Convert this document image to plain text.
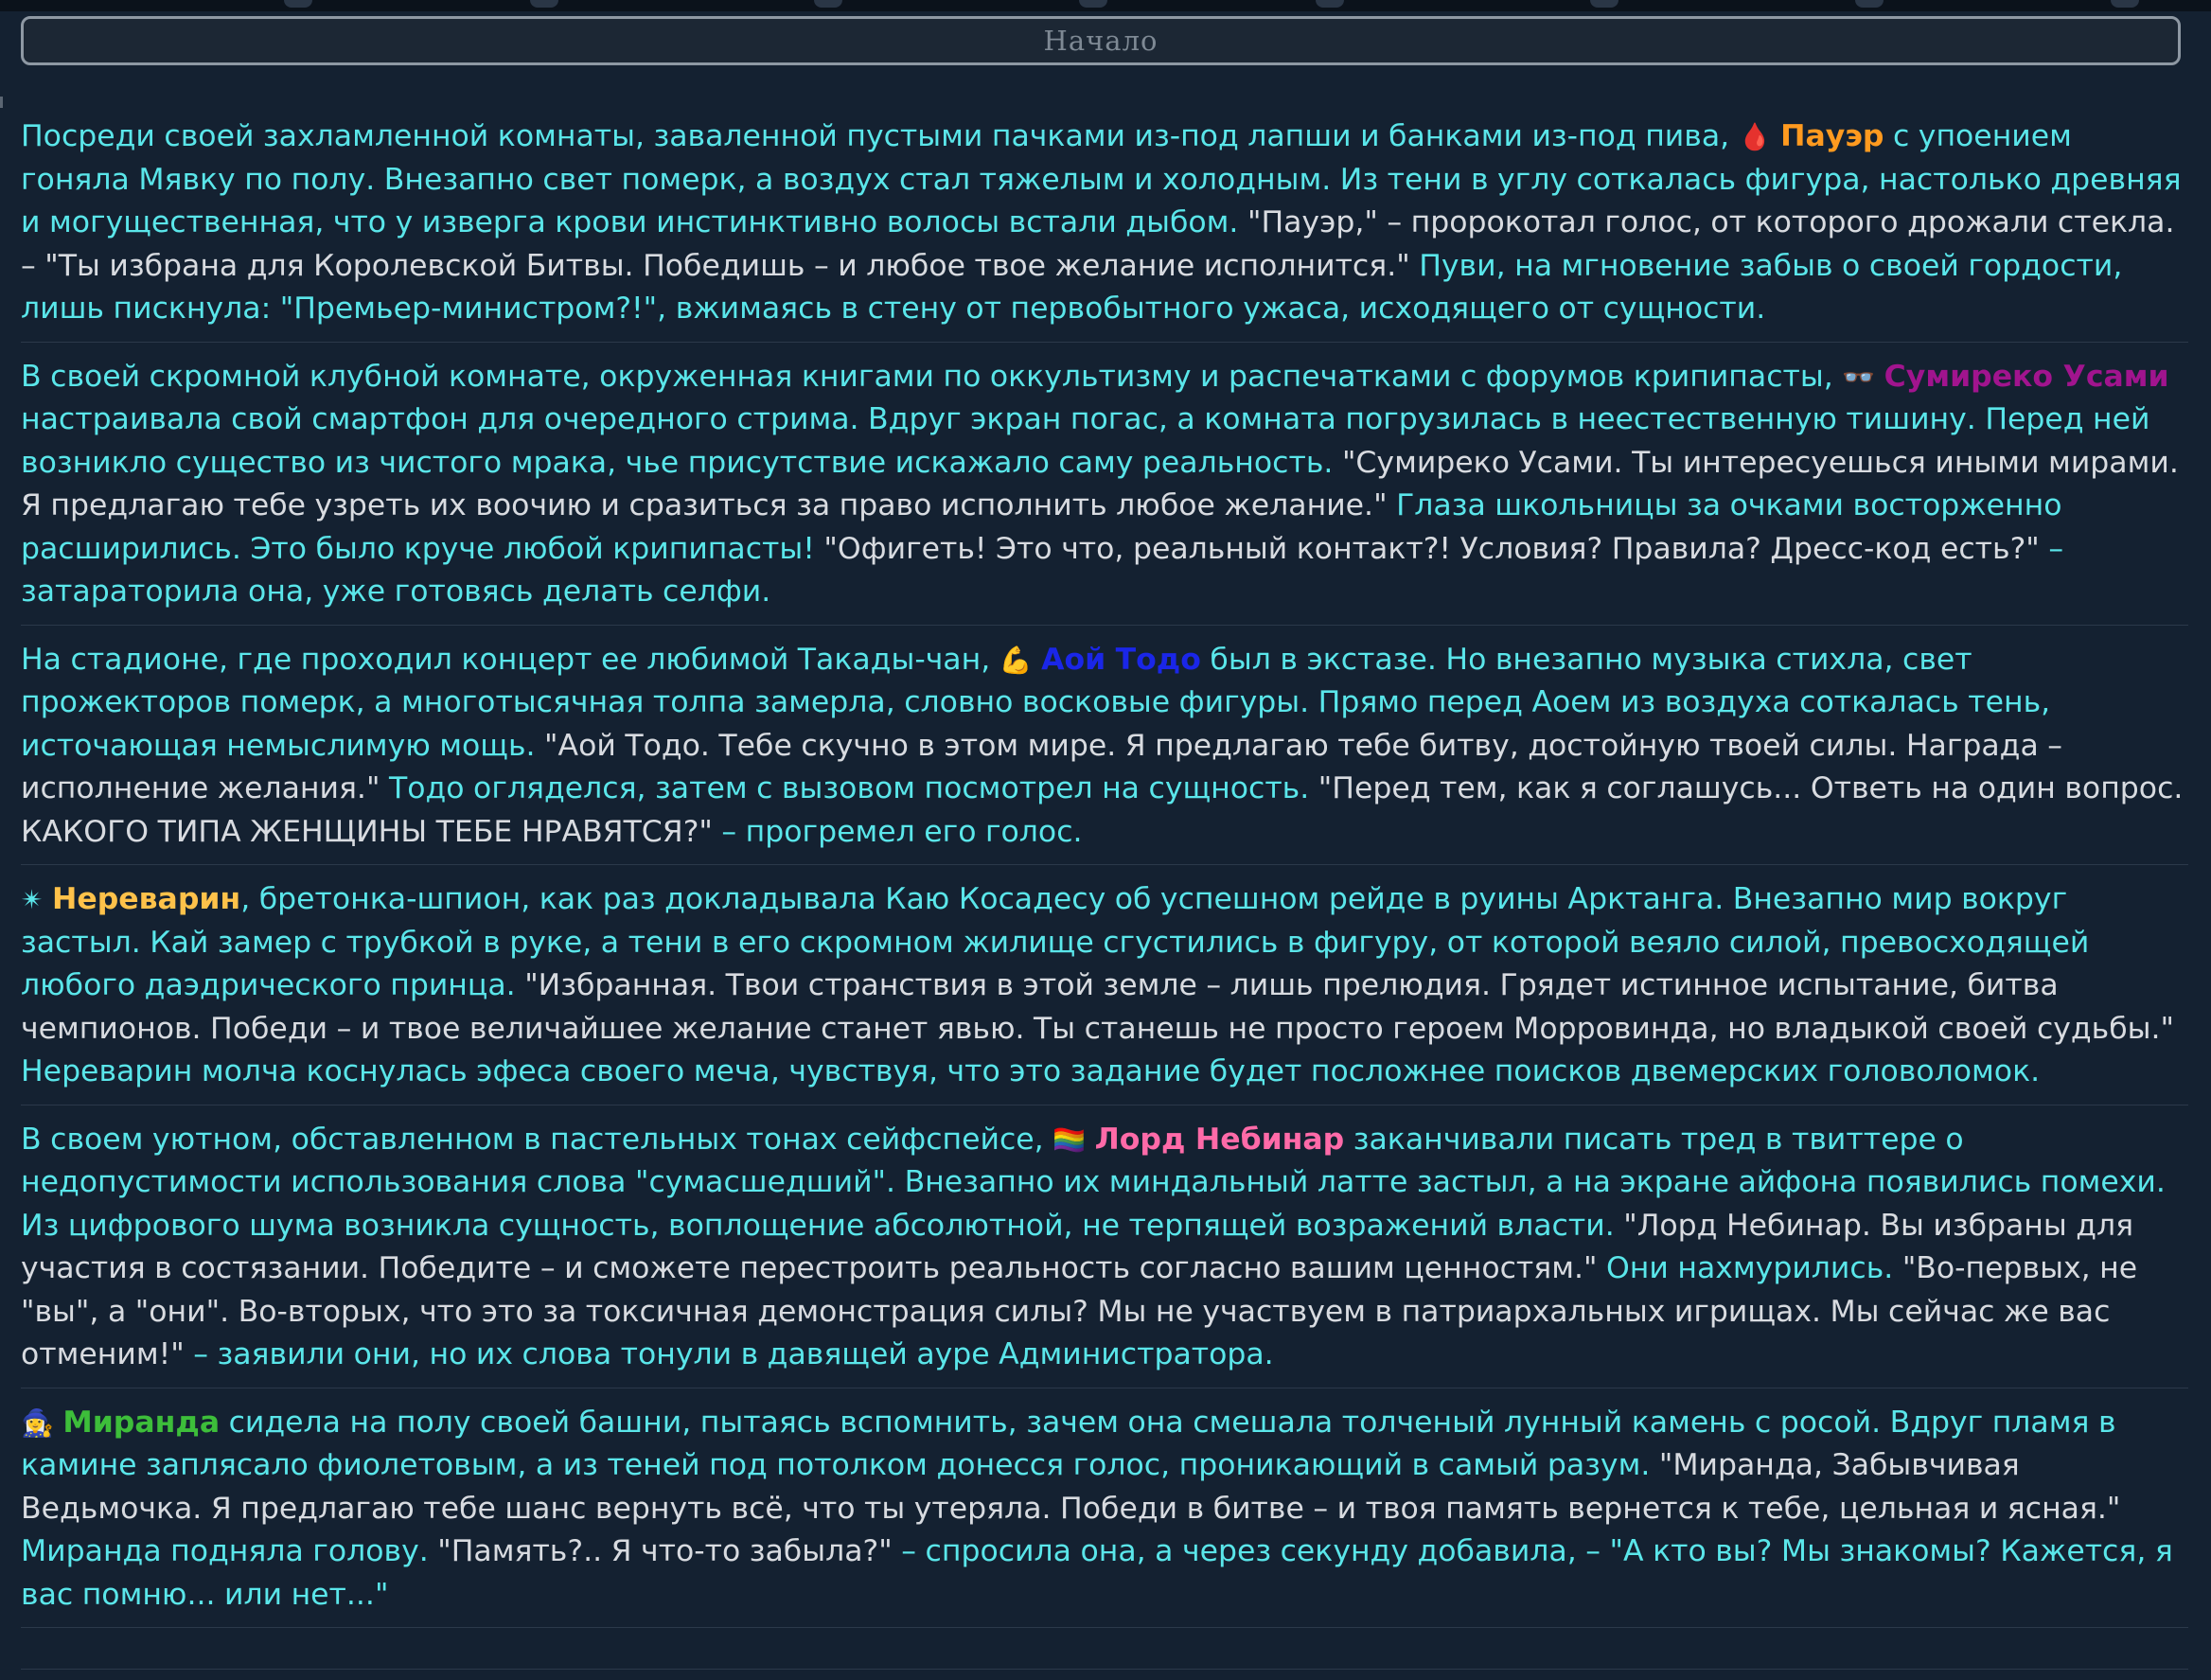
Начало
Посреди своей захламленной комнаты, заваленной пустыми пачками из-под лапши и банками из-под пива, 🩸 Пауэр с упоением гоняла Мявку по полу. Внезапно свет померк, а воздух стал тяжелым и холодным. Из тени в углу соткалась фигура, настолько древняя и могущественная, что у изверга крови инстинктивно волосы встали дыбом. "Пауэр," – пророкотал голос, от которого дрожали стекла. – "Ты избрана для Королевской Битвы. Победишь – и любое твое желание исполнится." Пуви, на мгновение забыв о своей гордости, лишь пискнула: "Премьер-министром?!", вжимаясь в стену от первобытного ужаса, исходящего от сущности.
В своей скромной клубной комнате, окруженная книгами по оккультизму и распечатками с форумов крипипасты, 👓 Сумиреко Усами настраивала свой смартфон для очередного стрима. Вдруг экран погас, а комната погрузилась в неестественную тишину. Перед ней возникло существо из чистого мрака, чье присутствие искажало саму реальность. "Сумиреко Усами. Ты интересуешься иными мирами. Я предлагаю тебе узреть их воочию и сразиться за право исполнить любое желание." Глаза школьницы за очками восторженно расширились. Это было круче любой крипипасты! "Офигеть! Это что, реальный контакт?! Условия? Правила? Дресс-код есть?" – затараторила она, уже готовясь делать селфи.
На стадионе, где проходил концерт ее любимой Такады-чан, 💪 Аой Тодо был в экстазе. Но внезапно музыка стихла, свет прожекторов померк, а многотысячная толпа замерла, словно восковые фигуры. Прямо перед Аоем из воздуха соткалась тень, источающая немыслимую мощь. "Аой Тодо. Тебе скучно в этом мире. Я предлагаю тебе битву, достойную твоей силы. Награда – исполнение желания." Тодо огляделся, затем с вызовом посмотрел на сущность. "Перед тем, как я соглашусь... Ответь на один вопрос. КАКОГО ТИПА ЖЕНЩИНЫ ТЕБЕ НРАВЯТСЯ?" – прогремел его голос.
✴ Нереварин, бретонка-шпион, как раз докладывала Каю Косадесу об успешном рейде в руины Арктанга. Внезапно мир вокруг застыл. Кай замер с трубкой в руке, а тени в его скромном жилище сгустились в фигуру, от которой веяло силой, превосходящей любого даэдрического принца. "Избранная. Твои странствия в этой земле – лишь прелюдия. Грядет истинное испытание, битва чемпионов. Победи – и твое величайшее желание станет явью. Ты станешь не просто героем Морровинда, но владыкой своей судьбы." Нереварин молча коснулась эфеса своего меча, чувствуя, что это задание будет посложнее поисков двемерских головоломок.
В своем уютном, обставленном в пастельных тонах сейфспейсе, 🏳️‍🌈 Лорд Небинар заканчивали писать тред в твиттере о недопустимости использования слова "сумасшедший". Внезапно их миндальный латте застыл, а на экране айфона появились помехи. Из цифрового шума возникла сущность, воплощение абсолютной, не терпящей возражений власти. "Лорд Небинар. Вы избраны для участия в состязании. Победите – и сможете перестроить реальность согласно вашим ценностям." Они нахмурились. "Во-первых, не "вы", а "они". Во-вторых, что это за токсичная демонстрация силы? Мы не участвуем в патриархальных игрищах. Мы сейчас же вас отменим!" – заявили они, но их слова тонули в давящей ауре Администратора.
🧙‍♀️ Миранда сидела на полу своей башни, пытаясь вспомнить, зачем она смешала толченый лунный камень с росой. Вдруг пламя в камине заплясало фиолетовым, а из теней под потолком донесся голос, проникающий в самый разум. "Миранда, Забывчивая Ведьмочка. Я предлагаю тебе шанс вернуть всё, что ты утеряла. Победи в битве – и твоя память вернется к тебе, цельная и ясная." Миранда подняла голову. "Память?.. Я что-то забыла?" – спросила она, а через секунду добавила, – "А кто вы? Мы знакомы? Кажется, я вас помню... или нет..."
